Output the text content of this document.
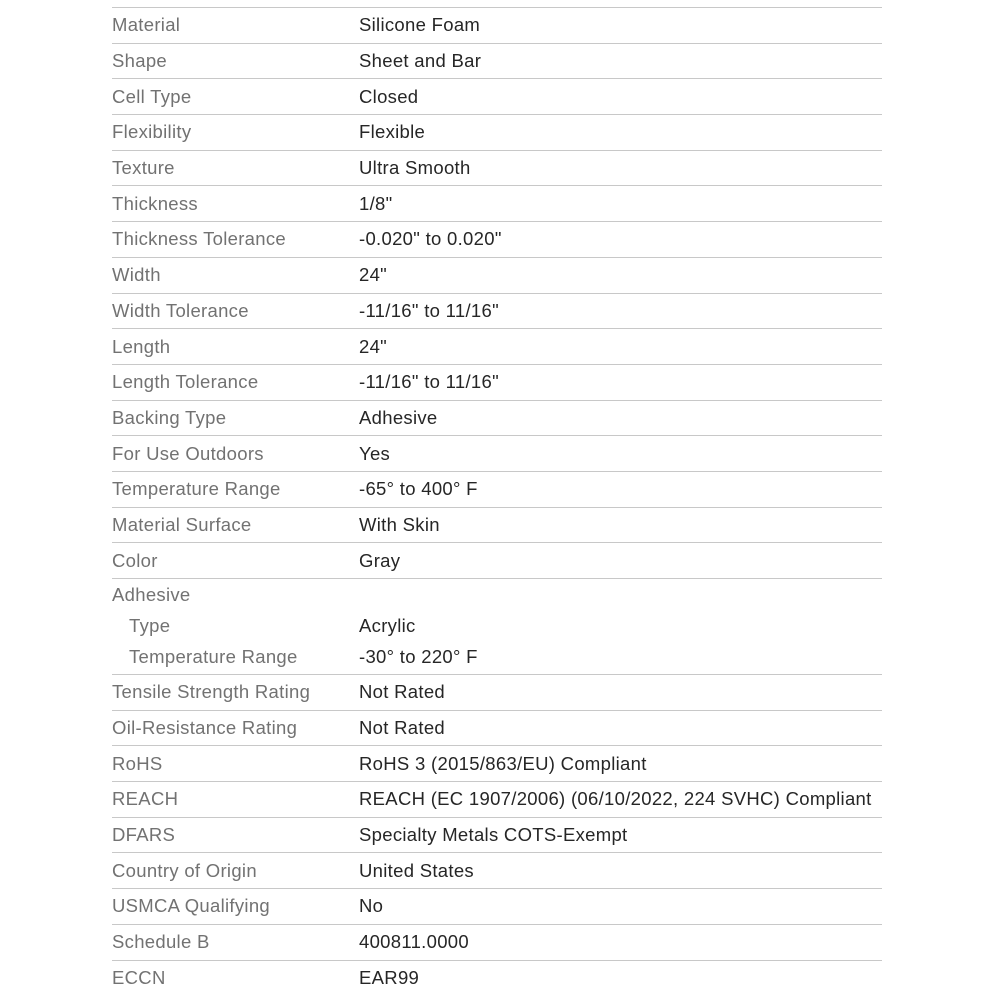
Material	Silicone Foam
Shape	Sheet and Bar
Cell Type	Closed
Flexibility	Flexible
Texture	Ultra Smooth
Thickness	1/8"
Thickness Tolerance	-0.020" to 0.020"
Width	24"
Width Tolerance	-11/16" to 11/16"
Length	24"
Length Tolerance	-11/16" to 11/16"
Backing Type	Adhesive
For Use Outdoors	Yes
Temperature Range	-65° to 400° F
Material Surface	With Skin
Color	Gray
Adhesive
Type	Acrylic
Temperature Range	-30° to 220° F
Tensile Strength Rating	Not Rated
Oil-Resistance Rating	Not Rated
RoHS	RoHS 3 (2015/863/EU) Compliant
REACH	REACH (EC 1907/2006) (06/10/2022, 224 SVHC) Compliant
DFARS	Specialty Metals COTS-Exempt
Country of Origin	United States
USMCA Qualifying	No
Schedule B	400811.0000
ECCN	EAR99
